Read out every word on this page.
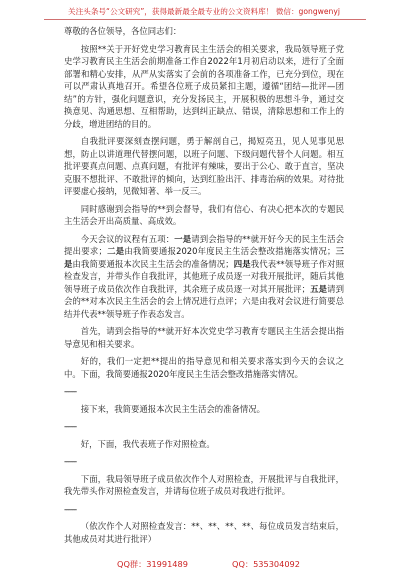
关注头条号“公文研究”，获得最新最全最专业的公文资料库！ 微信：gongwenyj

尊敬的各位领导，各位同志们：

按照**关于开好党史学习教育民主生活会的相关要求，我局领导班子党史学习教育民主生活会前期准备工作自2022年1月初启动以来，进行了全面部署和精心安排，从严从实落实了会前的各项准备工作，已充分到位，现在可以严肃认真地召开。希望各位班子成员紧扣主题，遵循“团结—批评—团结”的方针，强化问题意识，充分发扬民主，开展积极的思想斗争，通过交换意见、沟通思想、互相帮助，达到纠正缺点、错误，清除思想和工作上的分歧，增进团结的目的。

自我批评要深刻查摆问题，勇于解剖自己，揭短亮丑，见人见事见思想，防止以讲道理代替摆问题，以班子问题、下级问题代替个人问题。相互批评要真点问题、点真问题，有批评有辣味，要出于公心、敢于直言，坚决克服不想批评、不敢批评的倾向，达到红脸出汗、排毒治病的效果。对待批评要虚心接纳，见微知著、举一反三。

同时感谢到会指导的**到会督导，我们有信心、有决心把本次的专题民主生活会开出高质量、高成效。

今天会议的议程有五项：一是请到会指导的**就开好今天的民主生活会提出要求；二是由我简要通报2020年度民主生活会整改措施落实情况；三是由我简要通报本次民主生活会的准备情况；四是我代表**领导班子作对照检查发言，并带头作自我批评，其他班子成员逐一对我开展批评，随后其他领导班子成员依次作自我批评，其余班子成员逐一对其开展批评；五是请到会的**对本次民主生活会的会上情况进行点评；六是由我对会议进行简要总结并代表**领导班子作表态发言。

首先，请到会指导的**就开好本次党史学习教育专题民主生活会提出指导意见和相关要求。

好的，我们一定把**提出的指导意见和相关要求落实到今天的会议之中。下面，我简要通报2020年度民主生活会整改措施落实情况。

------

接下来，我简要通报本次民主生活会的准备情况。

------

好，下面，我代表班子作对照检查。

------

下面，我局领导班子成员依次作个人对照检查，开展批评与自我批评，我先带头作对照检查发言，并请每位班子成员对我进行批评。

------

（依次作个人对照检查发言：**、**、**、**、每位成员发言结束后，其他成员对其进行批评）

QQ群：31991489	QQ：535304092
